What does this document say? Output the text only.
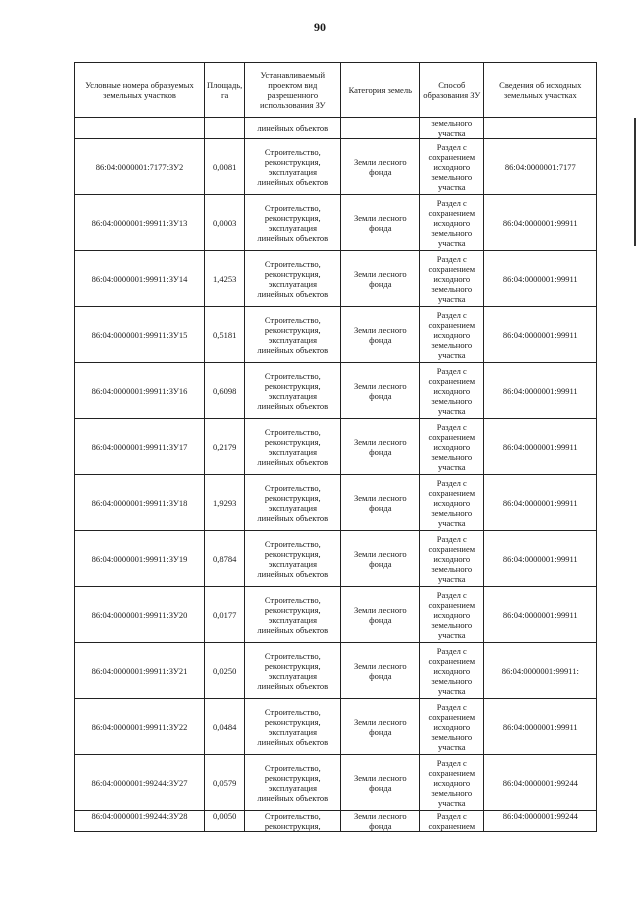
90
Условные номера образуемых земельных участков	Площадь, га	Устанавливаемый проектом вид разрешенного использования ЗУ	Категория земель	Способ образования ЗУ	Сведения об исходных земельных участках
		линейных объектов		земельного
участка	
86:04:0000001:7177:ЗУ2	0,0081	Строительство,
реконструкция,
эксплуатация
линейных объектов	Земли лесного
фонда	Раздел с
сохранением
исходного
земельного
участка	86:04:0000001:7177
86:04:0000001:99911:ЗУ13	0,0003	Строительство,
реконструкция,
эксплуатация
линейных объектов	Земли лесного
фонда	Раздел с
сохранением
исходного
земельного
участка	86:04:0000001:99911
86:04:0000001:99911:ЗУ14	1,4253	Строительство,
реконструкция,
эксплуатация
линейных объектов	Земли лесного
фонда	Раздел с
сохранением
исходного
земельного
участка	86:04:0000001:99911
86:04:0000001:99911:ЗУ15	0,5181	Строительство,
реконструкция,
эксплуатация
линейных объектов	Земли лесного
фонда	Раздел с
сохранением
исходного
земельного
участка	86:04:0000001:99911
86:04:0000001:99911:ЗУ16	0,6098	Строительство,
реконструкция,
эксплуатация
линейных объектов	Земли лесного
фонда	Раздел с
сохранением
исходного
земельного
участка	86:04:0000001:99911
86:04:0000001:99911:ЗУ17	0,2179	Строительство,
реконструкция,
эксплуатация
линейных объектов	Земли лесного
фонда	Раздел с
сохранением
исходного
земельного
участка	86:04:0000001:99911
86:04:0000001:99911:ЗУ18	1,9293	Строительство,
реконструкция,
эксплуатация
линейных объектов	Земли лесного
фонда	Раздел с
сохранением
исходного
земельного
участка	86:04:0000001:99911
86:04:0000001:99911:ЗУ19	0,8784	Строительство,
реконструкция,
эксплуатация
линейных объектов	Земли лесного
фонда	Раздел с
сохранением
исходного
земельного
участка	86:04:0000001:99911
86:04:0000001:99911:ЗУ20	0,0177	Строительство,
реконструкция,
эксплуатация
линейных объектов	Земли лесного
фонда	Раздел с
сохранением
исходного
земельного
участка	86:04:0000001:99911
86:04:0000001:99911:ЗУ21	0,0250	Строительство,
реконструкция,
эксплуатация
линейных объектов	Земли лесного
фонда	Раздел с
сохранением
исходного
земельного
участка	86:04:0000001:99911:
86:04:0000001:99911:ЗУ22	0,0484	Строительство,
реконструкция,
эксплуатация
линейных объектов	Земли лесного
фонда	Раздел с
сохранением
исходного
земельного
участка	86:04:0000001:99911
86:04:0000001:99244:ЗУ27	0,0579	Строительство,
реконструкция,
эксплуатация
линейных объектов	Земли лесного
фонда	Раздел с
сохранением
исходного
земельного
участка	86:04:0000001:99244
86:04:0000001:99244:ЗУ28	0,0050	Строительство,
реконструкция,	Земли лесного
фонда	Раздел с
сохранением	86:04:0000001:99244
